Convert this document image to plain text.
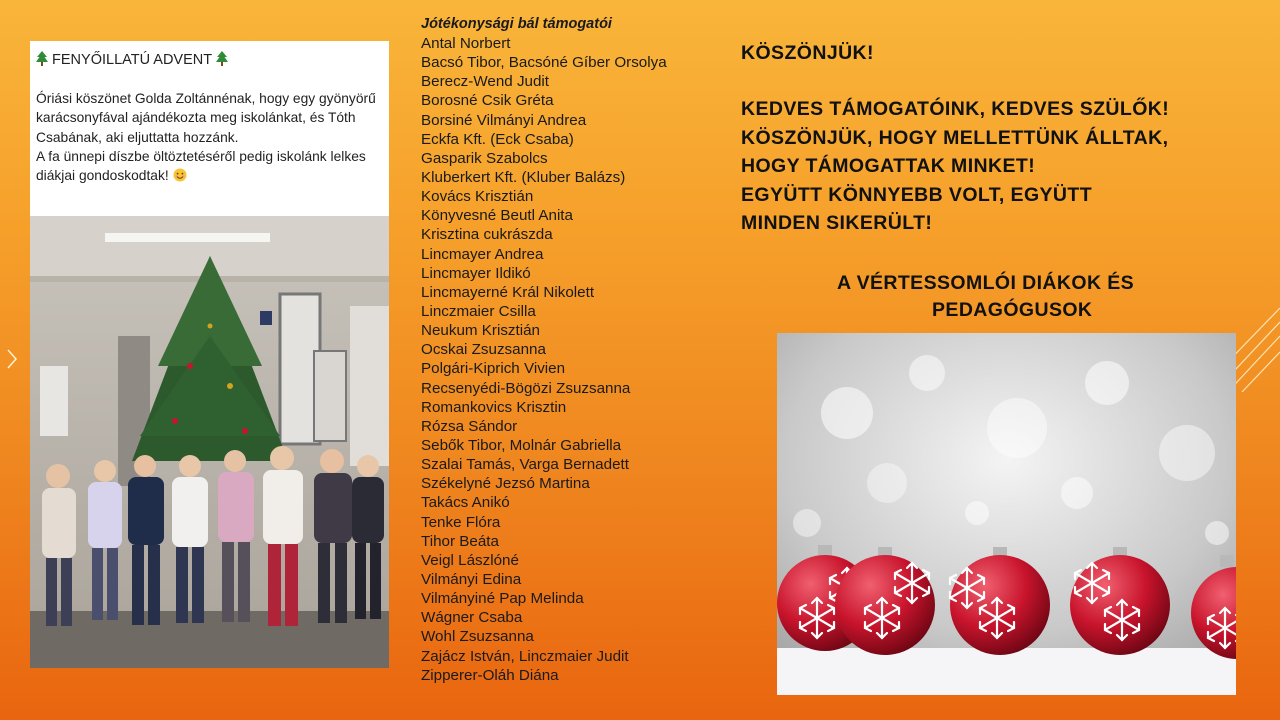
FENYŐILLATÚ ADVENT
Óriási köszönet Golda Zoltánnénak, hogy egy gyönyörű karácsonyfával ajándékozta meg iskolánkat, és Tóth Csabának, aki eljuttatta hozzánk.
A fa ünnepi díszbe öltöztetéséről pedig iskolánk lelkes diákjai gondoskodtak!
Jótékonysági bál támogatói
Antal Norbert
Bacsó Tibor, Bacsóné Gíber Orsolya
Berecz-Wend Judit
Borosné Csik Gréta
Borsiné Vilmányi Andrea
Eckfa Kft. (Eck Csaba)
Gasparik Szabolcs
Kluberkert Kft. (Kluber Balázs)
Kovács Krisztián
Könyvesné Beutl Anita
Krisztina cukrászda
Lincmayer Andrea
Lincmayer Ildikó
Lincmayerné Král Nikolett
Linczmaier Csilla
Neukum Krisztián
Ocskai Zsuzsanna
Polgári-Kiprich Vivien
Recsenyédi-Bögözi Zsuzsanna
Romankovics Krisztin
Rózsa Sándor
Sebők Tibor, Molnár Gabriella
Szalai Tamás, Varga Bernadett
Székelyné Jezsó Martina
Takács Anikó
Tenke Flóra
Tihor Beáta
Veigl Lászlóné
Vilmányi Edina
Vilmányiné Pap Melinda
Wágner Csaba
Wohl Zsuzsanna
Zajácz István, Linczmaier Judit
Zipperer-Oláh Diána
KÖSZÖNJÜK!
KEDVES TÁMOGATÓINK, KEDVES SZÜLŐK!
KÖSZÖNJÜK, HOGY MELLETTÜNK ÁLLTAK,
HOGY TÁMOGATTAK MINKET!
EGYÜTT KÖNNYEBB VOLT, EGYÜTT
MINDEN SIKERÜLT!
A VÉRTESSOMLÓI DIÁKOK ÉS
PEDAGÓGUSOK
